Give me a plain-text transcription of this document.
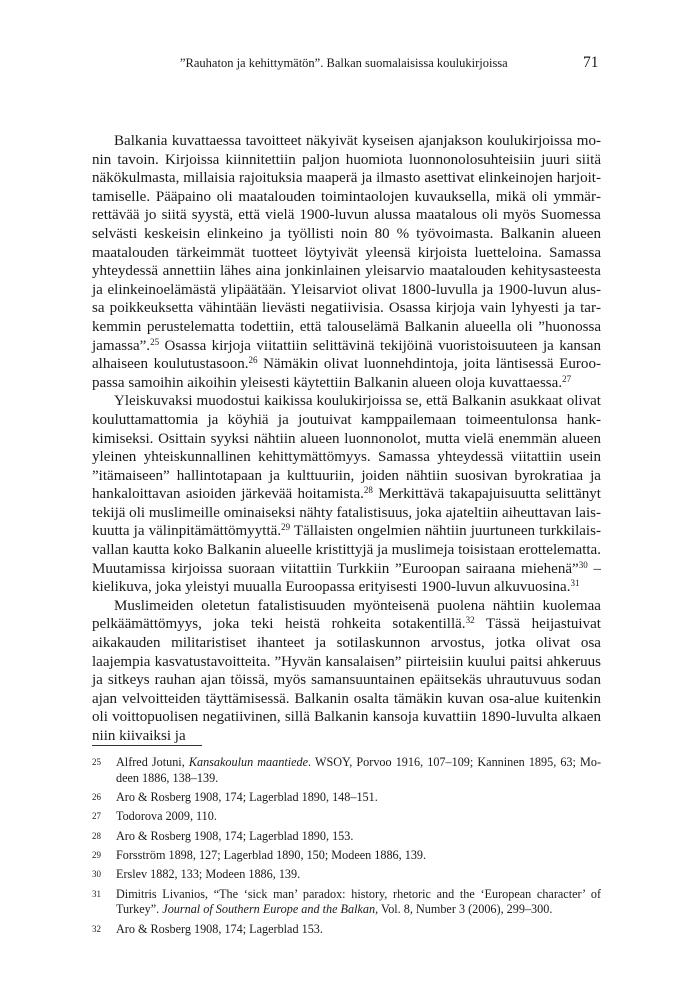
”Rauhaton ja kehittymätön”. Balkan suomalaisissa koulukirjoissa	71

Balkania kuvattaessa tavoitteet näkyivät kyseisen ajanjakson koulukirjoissa monin tavoin. Kirjoissa kiinnitettiin paljon huomiota luonnonolosuhteisiin juuri siitä näkökulmasta, millaisia rajoituksia maaperä ja ilmasto asettivat elinkeinojen harjoittamiselle. Pääpaino oli maatalouden toimintaolojen kuvauksella, mikä oli ymmärrettävää jo siitä syystä, että vielä 1900-luvun alussa maatalous oli myös Suomessa selvästi keskeisin elinkeino ja työllisti noin 80 % työvoimasta. Balkanin alueen maatalouden tärkeimmät tuotteet löytyivät yleensä kirjoista luetteloina. Samassa yhteydessä annettiin lähes aina jonkinlainen yleisarvio maatalouden kehitysasteesta ja elinkeinoelämästä ylipäätään. Yleisarviot olivat 1800-luvulla ja 1900-luvun alussa poikkeuksetta vähintään lievästi negatiivisia. Osassa kirjoja vain lyhyesti ja tarkemmin perustelematta todettiin, että talouselämä Balkanin alueella oli ”huonossa jamassa”.$^{25}$ Osassa kirjoja viitattiin selittävinä tekijöinä vuoristoisuuteen ja kansan alhaiseen koulutustasoon.$^{26}$ Nämäkin olivat luonnehdintoja, joita läntisessä Euroopassa samoihin aikoihin yleisesti käytettiin Balkanin alueen oloja kuvattaessa.$^{27}$

Yleiskuvaksi muodostui kaikissa koulukirjoissa se, että Balkanin asukkaat olivat kouluttamattomia ja köyhiä ja joutuivat kamppailemaan toimeentulonsa hankkimiseksi. Osittain syyksi nähtiin alueen luonnonolot, mutta vielä enemmän alueen yleinen yhteiskunnallinen kehittymättömyys. Samassa yhteydessä viitattiin usein ”itämaiseen” hallintotapaan ja kulttuuriin, joiden nähtiin suosivan byrokratiaa ja hankaloittavan asioiden järkevää hoitamista.$^{28}$ Merkittävä takapajuisuutta selittänyt tekijä oli muslimeille ominaiseksi nähty fatalistisuus, joka ajateltiin aiheuttavan laiskuutta ja välinpitämättömyyttä.$^{29}$ Tällaisten ongelmien nähtiin juurtuneen turkkilaisvallan kautta koko Balkanin alueelle kristittyjä ja muslimeja toisistaan erottelematta. Muutamissa kirjoissa suoraan viitattiin Turkkiin ”Euroopan sairaana miehenä”$^{30}$ – kielikuva, joka yleistyi muualla Euroopassa erityisesti 1900-luvun alkuvuosina.$^{31}$

Muslimeiden oletetun fatalistisuuden myönteisenä puolena nähtiin kuolemaa pelkäämättömyys, joka teki heistä rohkeita sotakentillä.$^{32}$ Tässä heijastuivat aikakauden militaristiset ihanteet ja sotilaskunnon arvostus, jotka olivat osa laajempia kasvatustavoitteita. ”Hyvän kansalaisen” piirteisiin kuului paitsi ahkeruus ja sitkeys rauhan ajan töissä, myös samansuuntainen epäitsekäs uhrautuvuus sodan ajan velvoitteiden täyttämisessä. Balkanin osalta tämäkin kuvan osa-alue kuitenkin oli voittopuolisen negatiivinen, sillä Balkanin kansoja kuvattiin 1890-luvulta alkaen niin kiivaiksi ja

25	Alfred Jotuni, Kansakoulun maantiede. WSOY, Porvoo 1916, 107–109; Kanninen 1895, 63; Modeen 1886, 138–139.
26	Aro & Rosberg 1908, 174; Lagerblad 1890, 148–151.
27	Todorova 2009, 110.
28	Aro & Rosberg 1908, 174; Lagerblad 1890, 153.
29	Forsström 1898, 127; Lagerblad 1890, 150; Modeen 1886, 139.
30	Erslev 1882, 133; Modeen 1886, 139.
31	Dimitris Livanios, “The ‘sick man’ paradox: history, rhetoric and the ‘European character’ of Turkey”. Journal of Southern Europe and the Balkan, Vol. 8, Number 3 (2006), 299–300.
32	Aro & Rosberg 1908, 174; Lagerblad 153.
